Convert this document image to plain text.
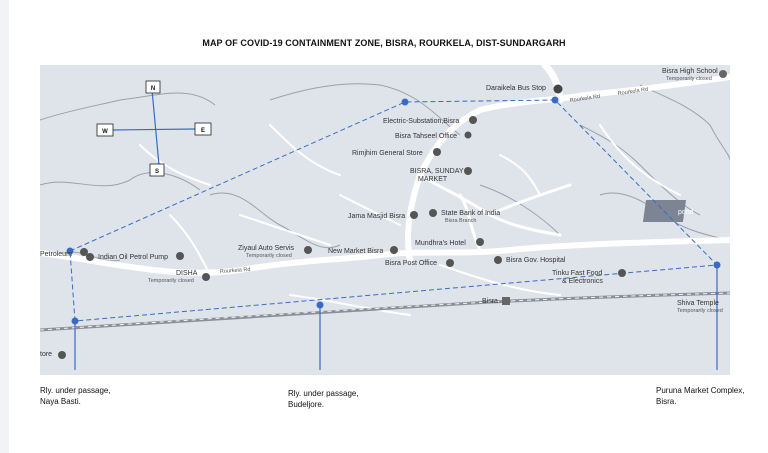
MAP OF COVID-19 CONTAINMENT ZONE, BISRA, ROURKELA, DIST-SUNDARGARH
pond
Bisra High School
Temporarily closed
Daraikela Bus Stop
Rourkela Rd
Rourkela Rd
Electric-Substation,Bisra
Bisra Tahseel Office
Rimjhim General Store
BISRA, SUNDAY
MARKET
Jama Masjid Bisra	State Bank of India
Bisra Branch
Mundhra's Hotel
Ziyaul Auto Servis
Temporarily closed
New Market Bisra
Petroleum	Indian Oil Petrol Pump	Bisra Gov. Hospital
Bisra Post Office
Tinku Fast Food
& Electronics
DISHA
Temporarily closed
Rourkela Rd
Bisra	Shiva Temple
Temporarily closed
tore
N
S
W	E
Rly. under passage,
Naya Basti.
Rly. under passage,
Budeljore.
Puruna Market Complex,
Bisra.
